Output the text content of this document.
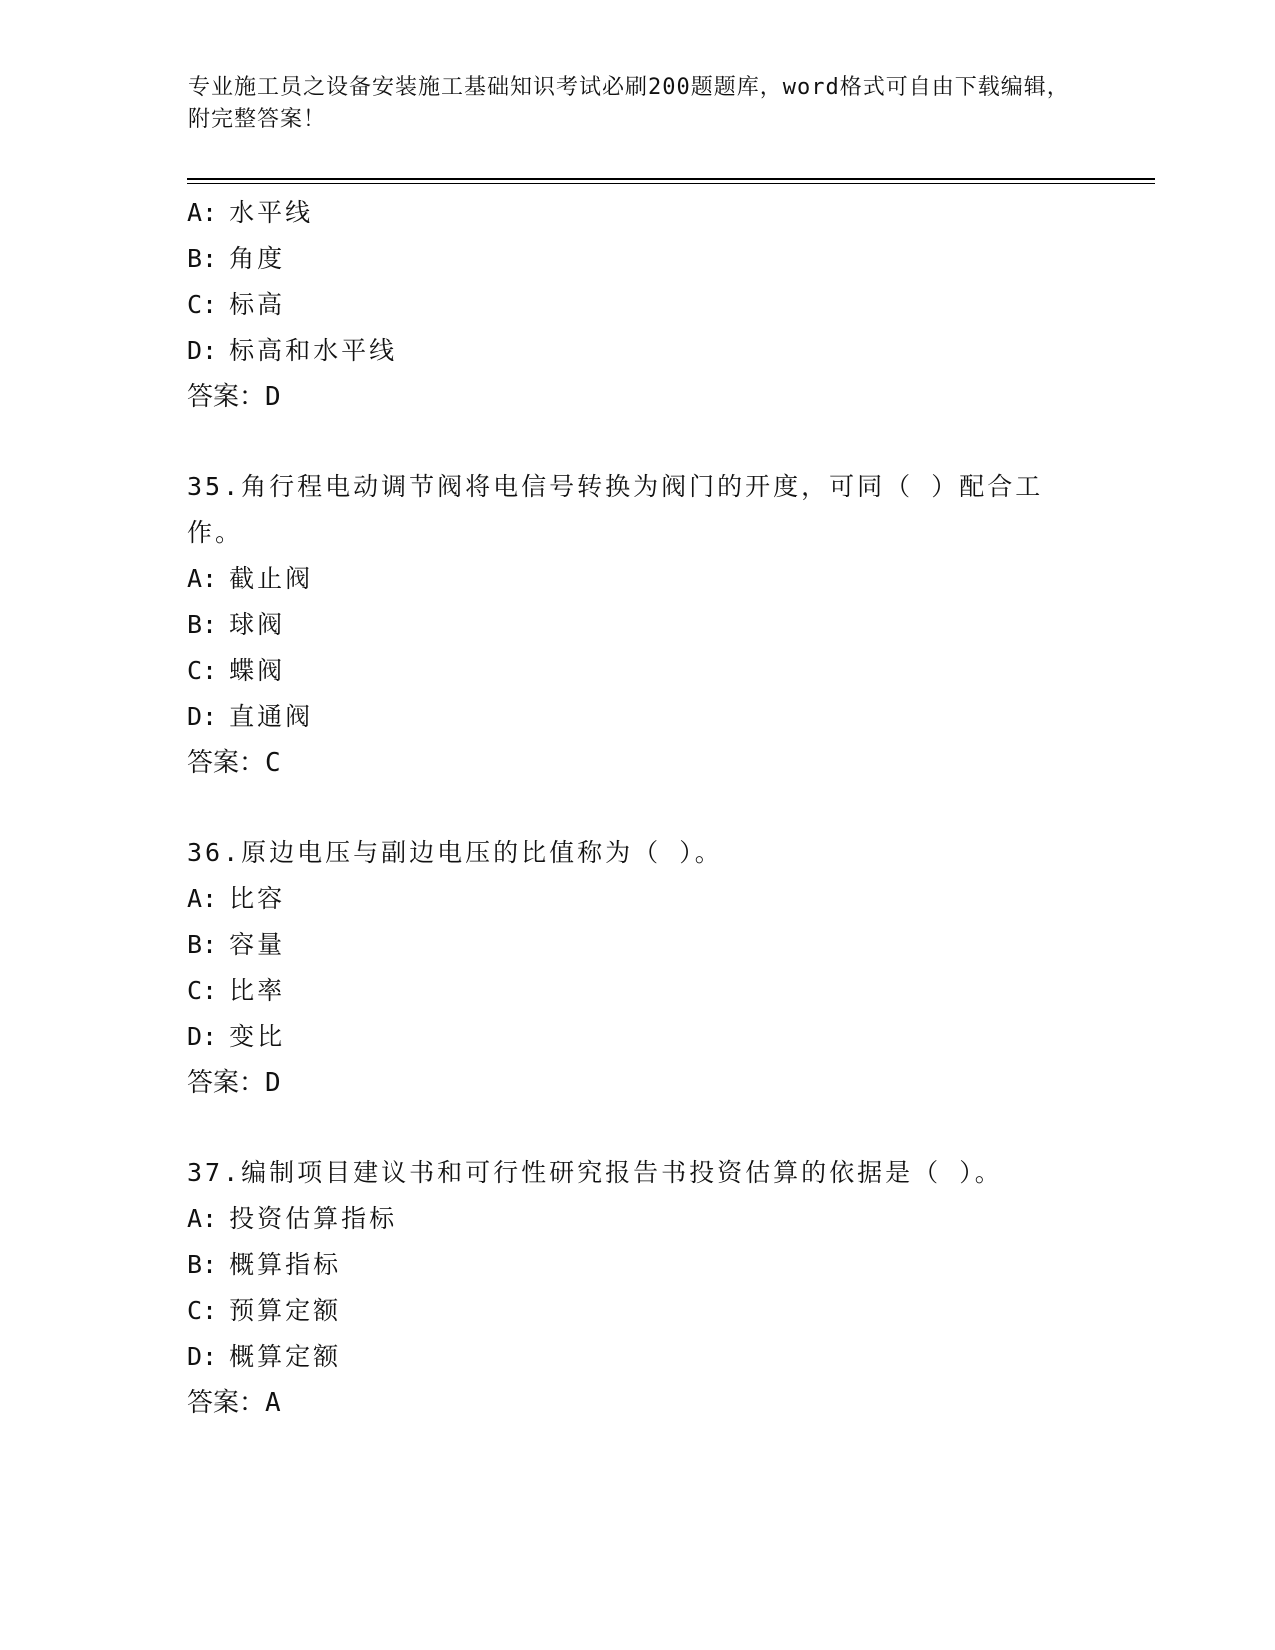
专业施工员之设备安装施工基础知识考试必刷200题题库，word格式可自由下载编辑，附完整答案！
A: 水平线
B: 角度
C: 标高
D: 标高和水平线
答案：D
35.角行程电动调节阀将电信号转换为阀门的开度，可同（ ）配合工作。
A: 截止阀
B: 球阀
C: 蝶阀
D: 直通阀
答案：C
36.原边电压与副边电压的比值称为（ ）。
A: 比容
B: 容量
C: 比率
D: 变比
答案：D
37.编制项目建议书和可行性研究报告书投资估算的依据是（ ）。
A: 投资估算指标
B: 概算指标
C: 预算定额
D: 概算定额
答案：A
